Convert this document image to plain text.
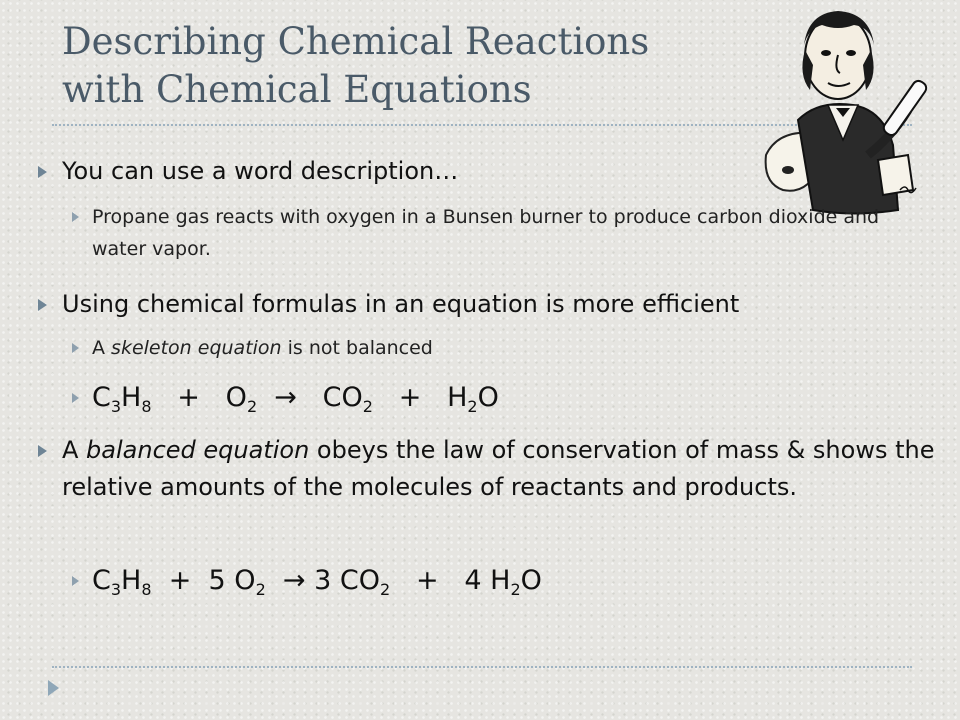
Describing Chemical Reactions
with Chemical Equations
You can use a word description…
Propane gas reacts with oxygen in a Bunsen burner to produce carbon dioxide and water vapor.
Using chemical formulas in an equation is more efficient
A skeleton equation is not balanced
$C_3H_8 + O_2 \to CO_2 + H_2O$
A balanced equation obeys the law of conservation of mass & shows the relative amounts of the molecules of reactants and products.
$C_3H_8 + 5$ $O_2 \to 3$ $CO_2 + 4$ $H_2O$
